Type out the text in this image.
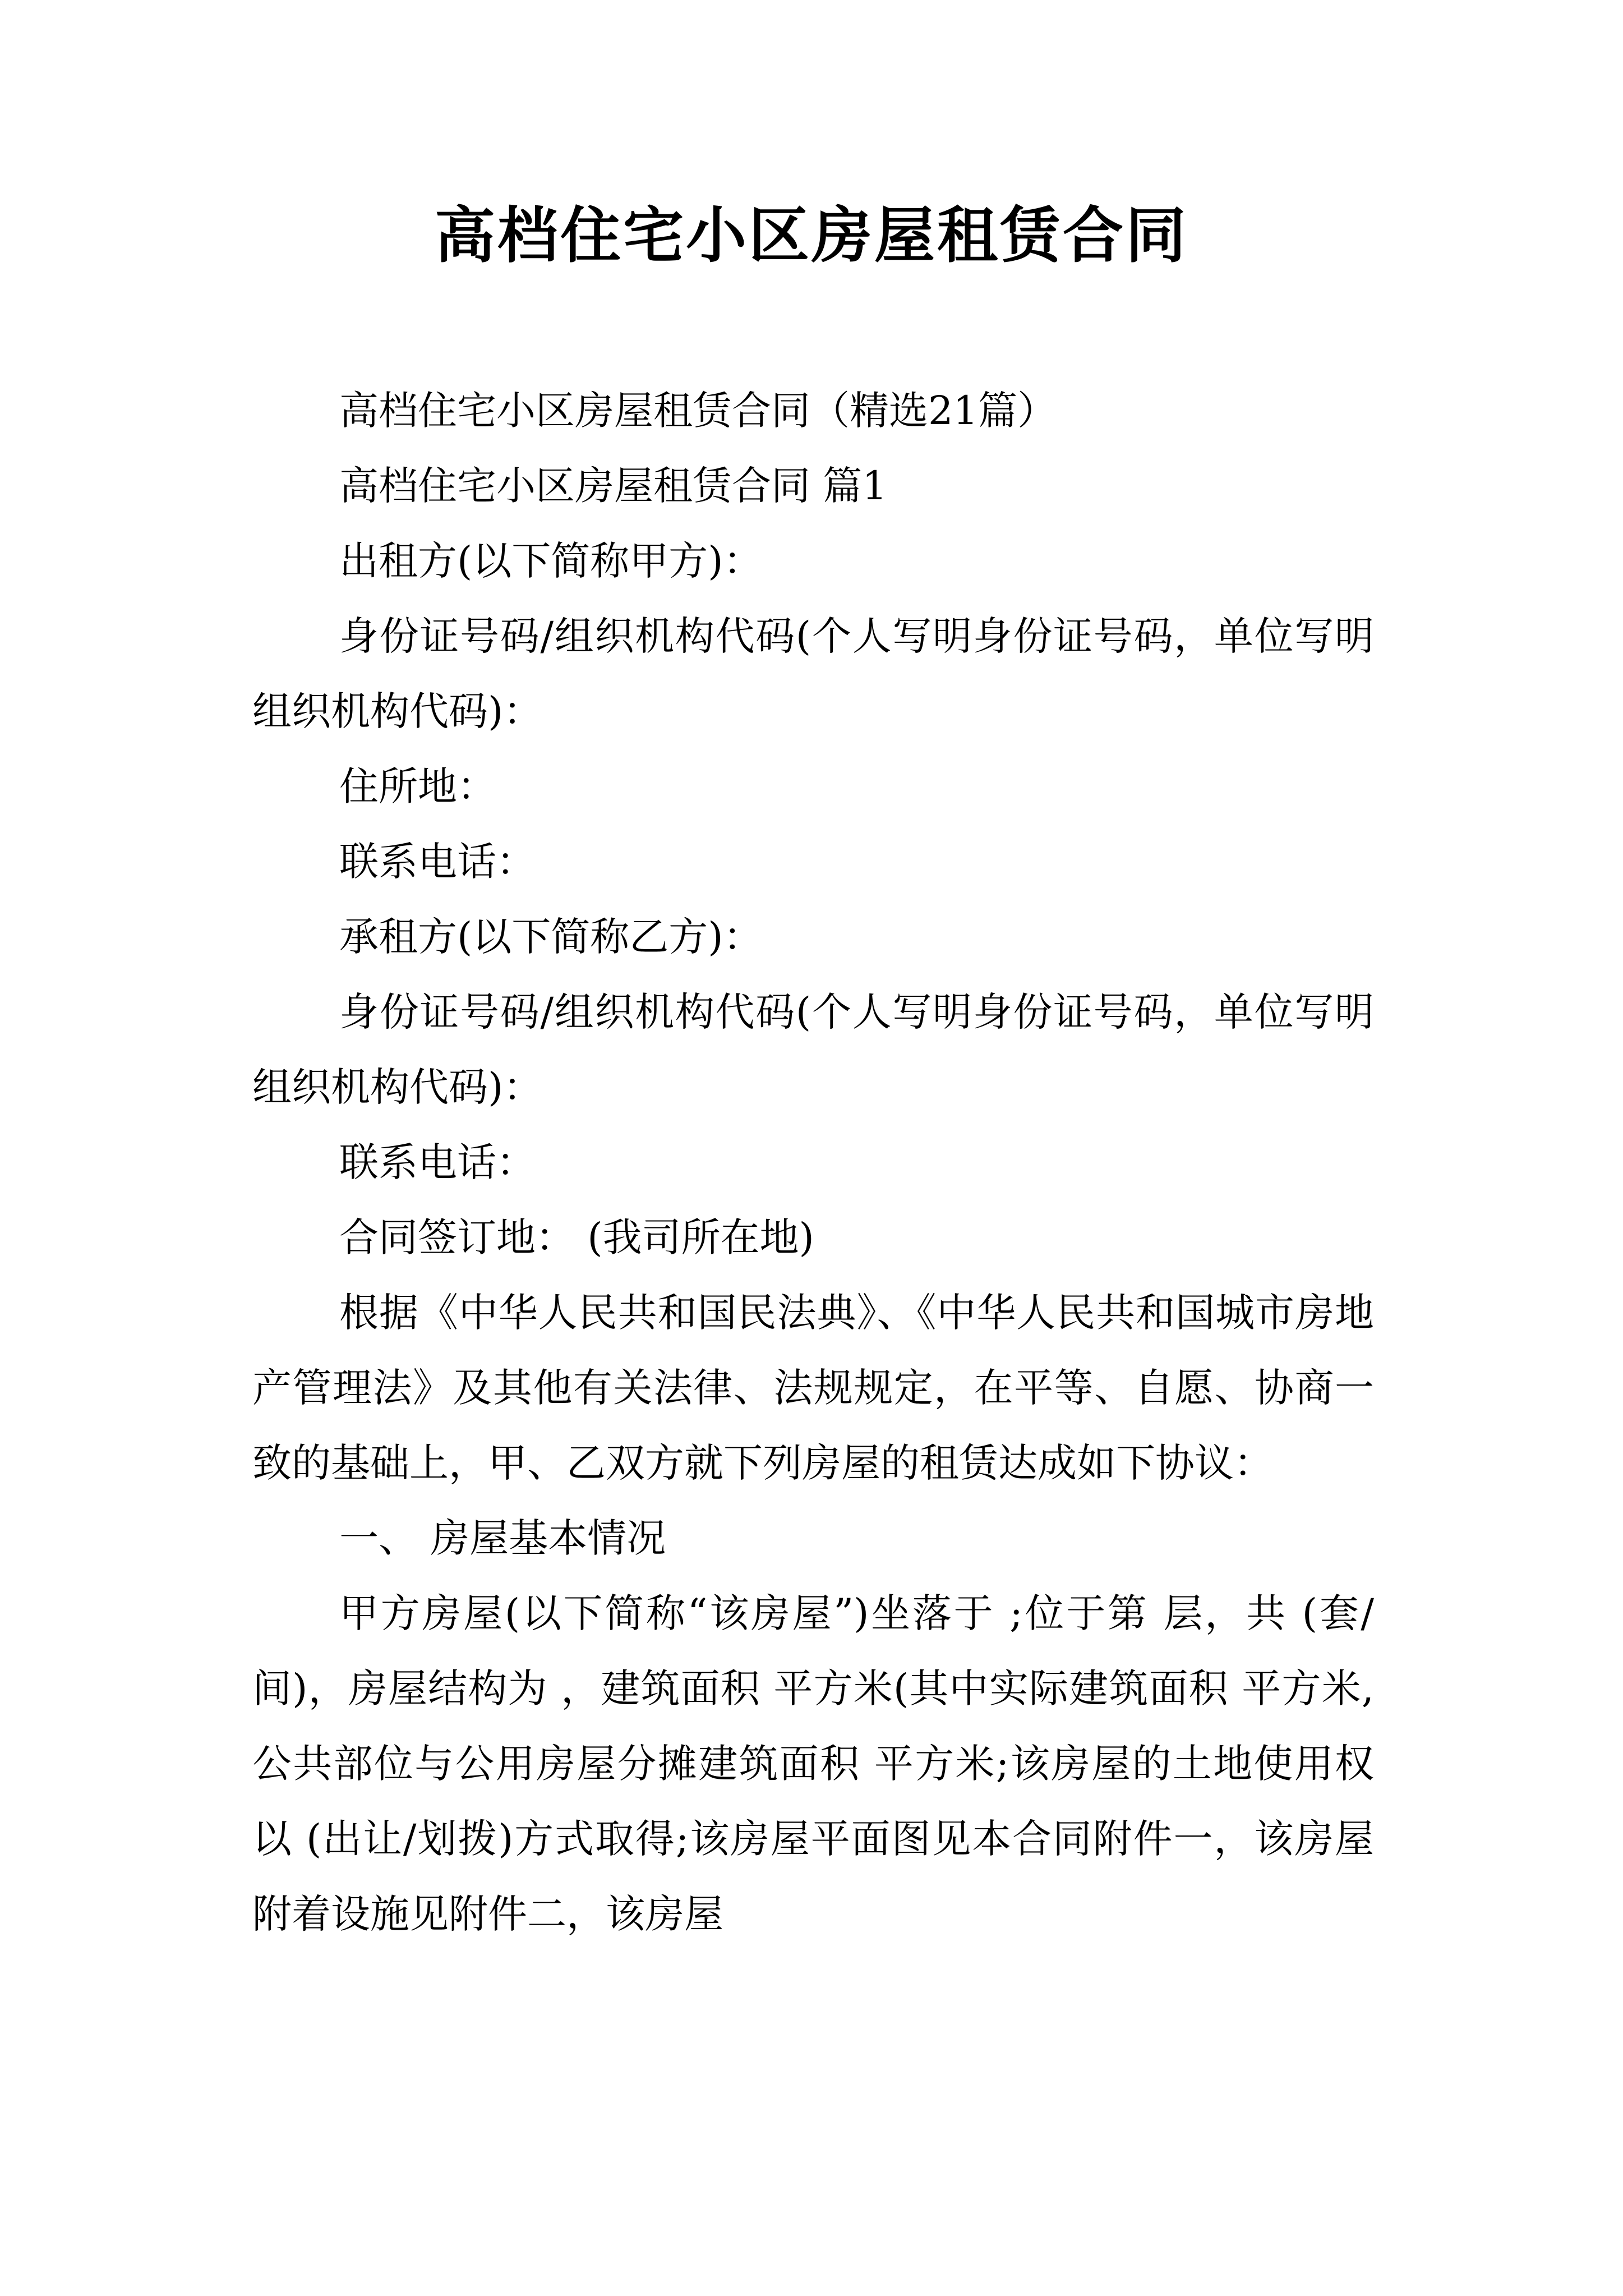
高档住宅小区房屋租赁合同

高档住宅小区房屋租赁合同（精选21篇）

高档住宅小区房屋租赁合同 篇1

出租方(以下简称甲方)：

身份证号码/组织机构代码(个人写明身份证号码，单位写明组织机构代码)：

住所地：

联系电话：

承租方(以下简称乙方)：

身份证号码/组织机构代码(个人写明身份证号码，单位写明组织机构代码)：

联系电话：

合同签订地： (我司所在地)

根据《中华人民共和国民法典》、《中华人民共和国城市房地产管理法》及其他有关法律、法规规定，在平等、自愿、协商一致的基础上，甲、乙双方就下列房屋的租赁达成如下协议：

一、 房屋基本情况

甲方房屋(以下简称“该房屋”)坐落于 ;位于第 层，共 (套/间)，房屋结构为 ，建筑面积 平方米(其中实际建筑面积 平方米,公共部位与公用房屋分摊建筑面积 平方米;该房屋的土地使用权以 (出让/划拨)方式取得;该房屋平面图见本合同附件一，该房屋附着设施见附件二，该房屋
